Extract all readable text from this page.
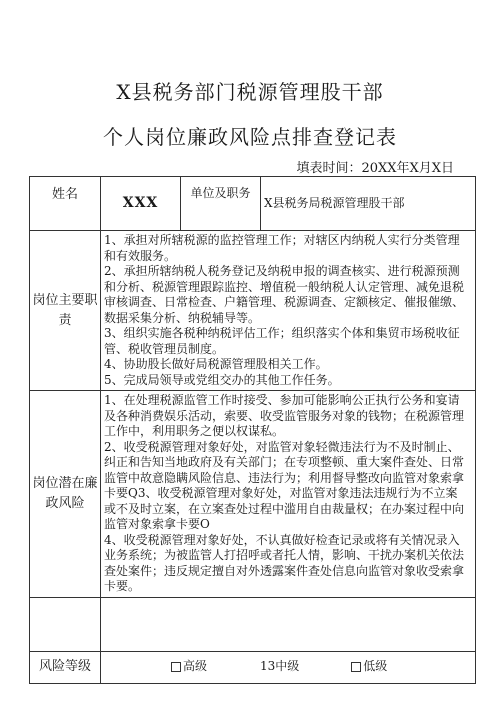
X县税务部门税源管理股干部
个人岗位廉政风险点排查登记表
填表时间：20XX年X月X日
姓名	XXX	单位及职务	X县税务局税源管理股干部
岗位主要职责	1、承担对所辖税源的监控管理工作；对辖区内纳税人实行分类管理和有效服务。

2、承担所辖纳税人税务登记及纳税申报的调查核实、进行税源预测和分析、税源管理跟踪监控、增值税一般纳税人认定管理、减免退税审核调查、日常检查、户籍管理、税源调查、定额核定、催报催缴、数据采集分析、纳税辅导等。

3、组织实施各税种纳税评估工作；组织落实个体和集贸市场税收征管、税收管理员制度。

4、协助股长做好局税源管理股相关工作。

5、完成局领导或党组交办的其他工作任务。		

岗位潜在廉政风险	1、在处理税源监管工作时接受、参加可能影响公正执行公务和宴请及各种消费娱乐活动，索要、收受监管服务对象的钱物；在税源管理工作中，利用职务之便以权谋私。

2、收受税源管理对象好处，对监管对象轻微违法行为不及时制止、纠正和告知当地政府及有关部门；在专项整顿、重大案件查处、日常监管中故意隐瞒风险信息、违法行为；利用督导整改向监管对象索拿卡要Q3、收受税源管理对象好处，对监管对象违法违规行为不立案或不及时立案，在立案查处过程中滥用自由裁量权；在办案过程中向监管对象索拿卡要O

4、收受税源管理对象好处，不认真做好检查记录或将有关情况录入业务系统；为被监管人打招呼或者托人情，影响、干扰办案机关依法查处案件；违反规定擅自对外透露案件查处信息向监管对象收受索拿卡要。		

风险等级	高级 13中级 低级		
